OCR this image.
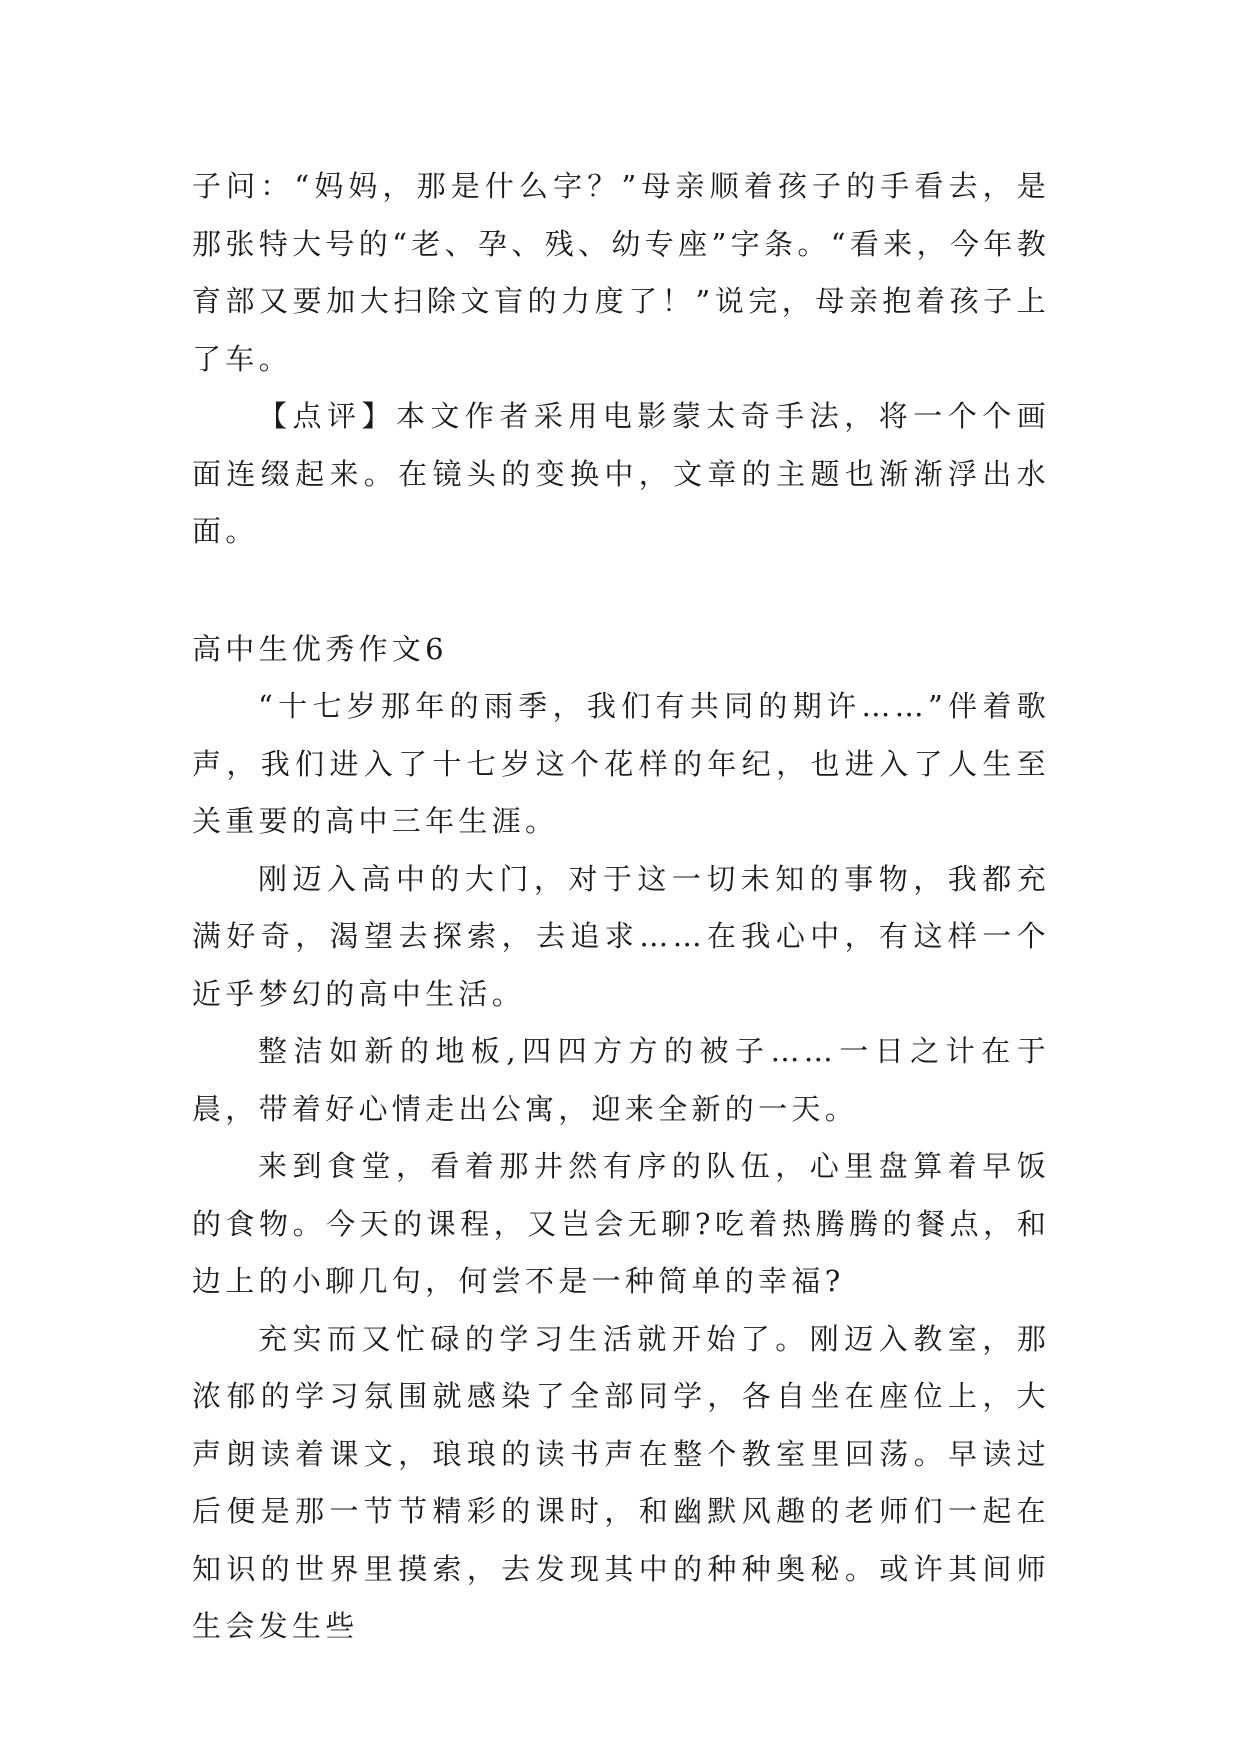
子问：“妈妈，那是什么字？”母亲顺着孩子的手看去，是那张特大号的“老、孕、残、幼专座”字条。“看来，今年教育部又要加大扫除文盲的力度了！”说完，母亲抱着孩子上了车。

【点评】本文作者采用电影蒙太奇手法，将一个个画面连缀起来。在镜头的变换中，文章的主题也渐渐浮出水面。

高中生优秀作文6

“十七岁那年的雨季，我们有共同的期许……”伴着歌声，我们进入了十七岁这个花样的年纪，也进入了人生至关重要的高中三年生涯。

刚迈入高中的大门，对于这一切未知的事物，我都充满好奇，渴望去探索，去追求……在我心中，有这样一个近乎梦幻的高中生活。

整洁如新的地板,四四方方的被子……一日之计在于晨，带着好心情走出公寓，迎来全新的一天。

来到食堂，看着那井然有序的队伍，心里盘算着早饭的食物。今天的课程，又岂会无聊?吃着热腾腾的餐点，和边上的小聊几句，何尝不是一种简单的幸福?

充实而又忙碌的学习生活就开始了。刚迈入教室，那浓郁的学习氛围就感染了全部同学，各自坐在座位上，大声朗读着课文，琅琅的读书声在整个教室里回荡。早读过后便是那一节节精彩的课时，和幽默风趣的老师们一起在知识的世界里摸索，去发现其中的种种奥秘。或许其间师生会发生些
